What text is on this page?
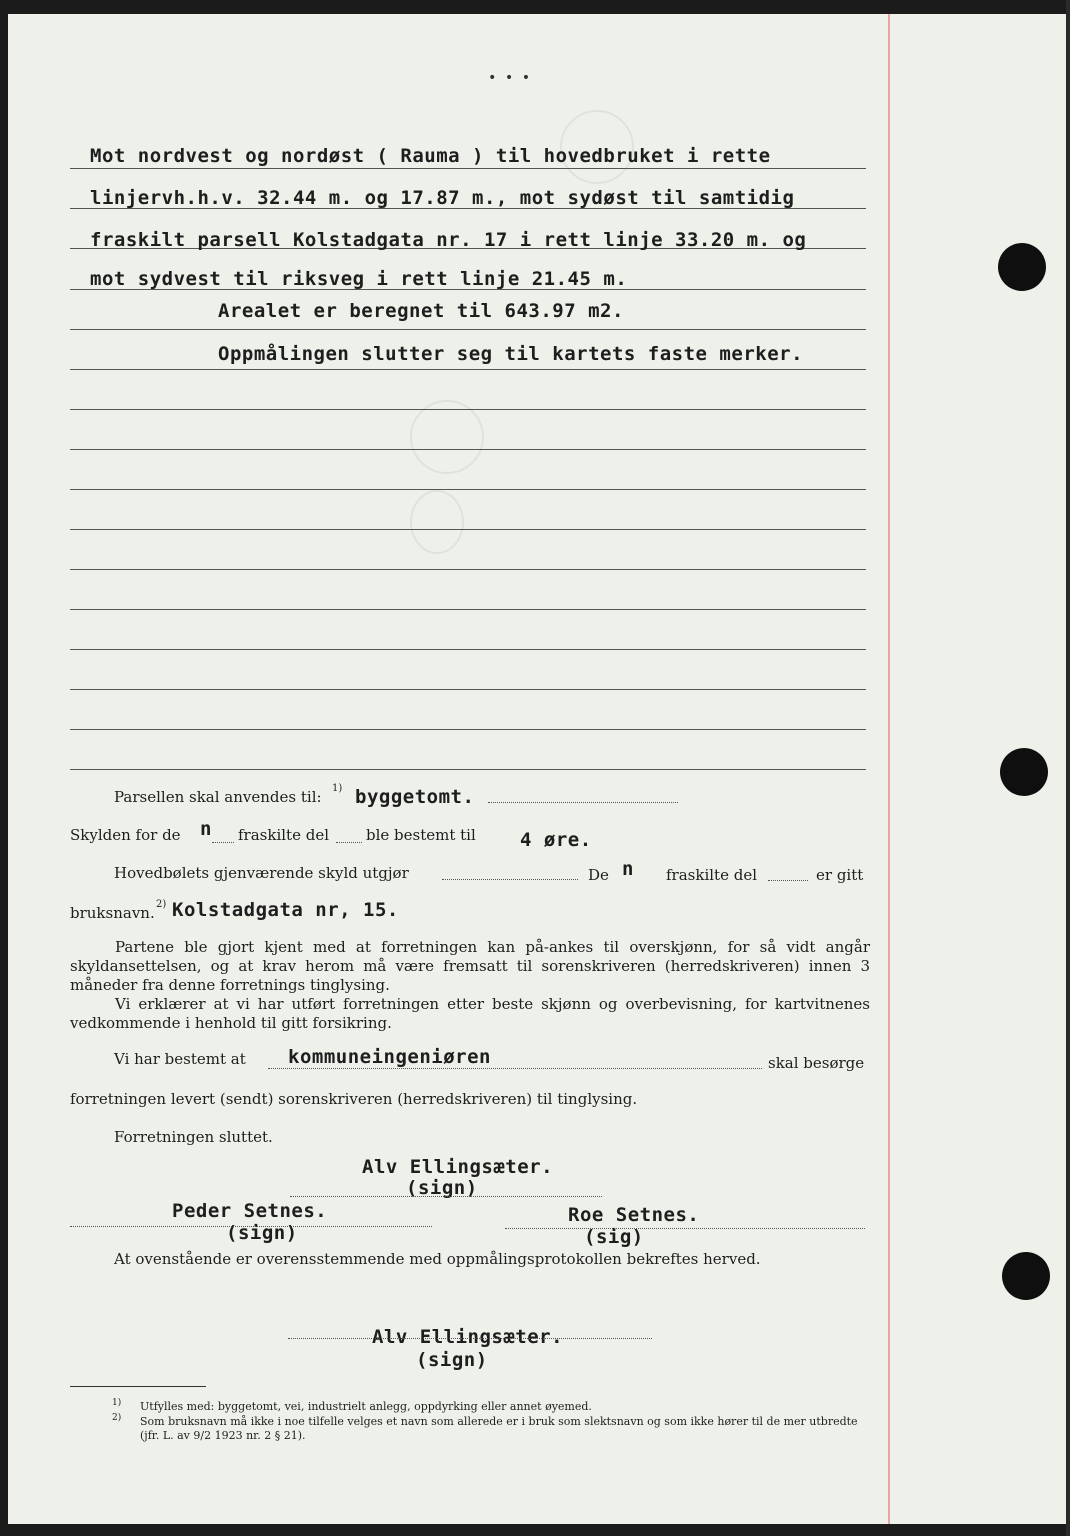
• • •
Mot nordvest og nordøst ( Rauma ) til hovedbruket i rette
linjervh.h.v. 32.44 m. og 17.87 m., mot sydøst til samtidig
fraskilt parsell Kolstadgata nr. 17 i rett linje 33.20 m. og
mot sydvest til riksveg i rett linje 21.45 m.
Arealet er beregnet til 643.97 m2.
Oppmålingen slutter seg til kartets faste merker.
Parsellen skal anvendes til: 1) byggetomt.
Skylden for de n fraskilte del ble bestemt til 4 øre.
Hovedbølets gjenværende skyld utgjør	De n fraskilte del	er gitt
bruksnavn. 2) Kolstadgata nr, 15.
Partene ble gjort kjent med at forretningen kan på-ankes til overskjønn, for så vidt angår skyldansettelsen, og at krav herom må være fremsatt til sorenskriveren (herredskriveren) innen 3 måneder fra denne forretnings tinglysing.
Vi erklærer at vi har utført forretningen etter beste skjønn og overbevisning, for kartvitnenes vedkommende i henhold til gitt forsikring.
Vi har bestemt at kommuneingeniøren	skal besørge
forretningen levert (sendt) sorenskriveren (herredskriveren) til tinglysing.
Forretningen sluttet.
Alv Ellingsæter.
(sign)
Peder Setnes.
(sign)
Roe Setnes.
(sig)
At ovenstående er overensstemmende med oppmålingsprotokollen bekreftes herved.
Alv Ellingsæter.
(sign)
1) Utfylles med: byggetomt, vei, industrielt anlegg, oppdyrking eller annet øyemed.
2) Som bruksnavn må ikke i noe tilfelle velges et navn som allerede er i bruk som slektsnavn og som ikke hører til de mer utbredte (jfr. L. av 9/2 1923 nr. 2 § 21).
